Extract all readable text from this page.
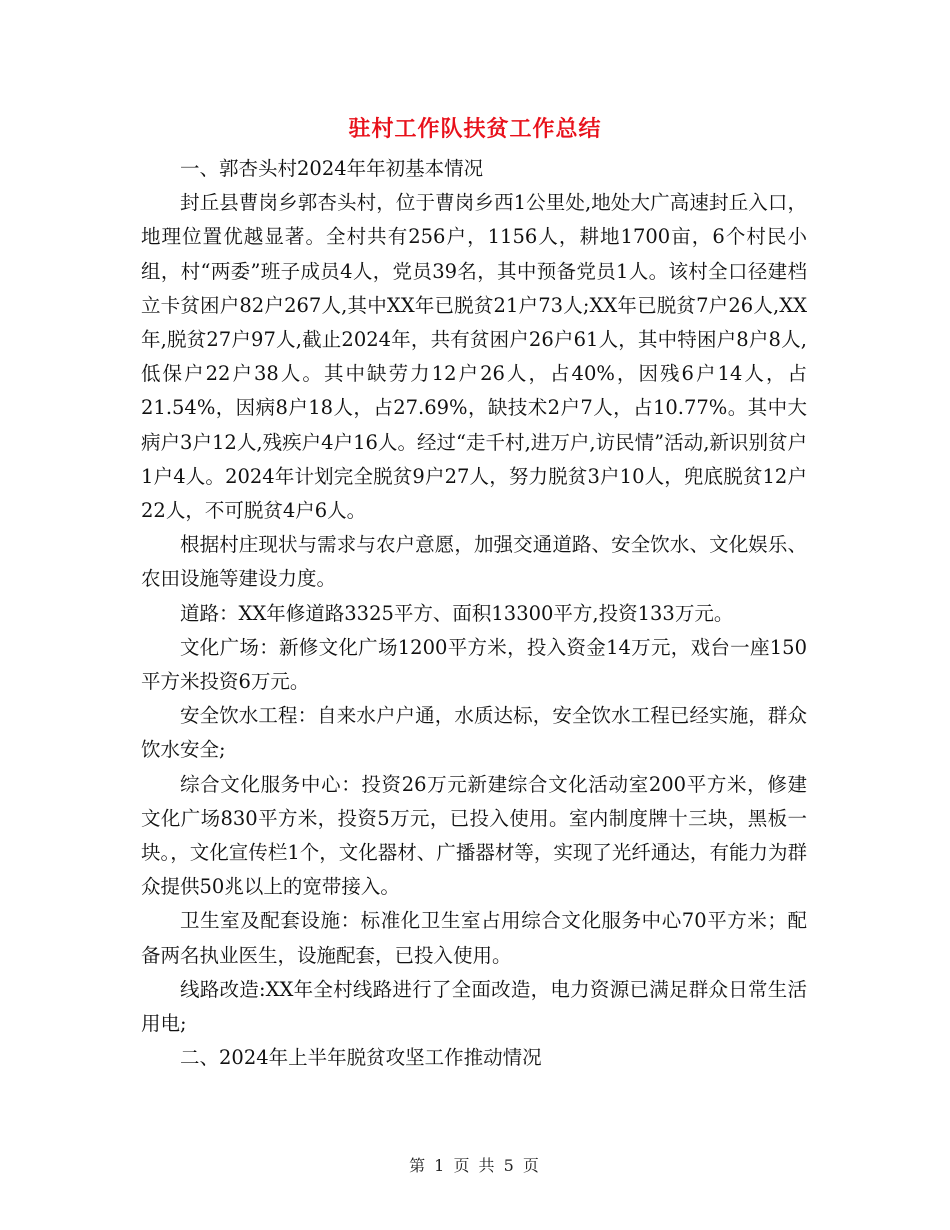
驻村工作队扶贫工作总结

一、郭杏头村2024年年初基本情况

封丘县曹岗乡郭杏头村，位于曹岗乡西1公里处,地处大广高速封丘入口，地理位置优越显著。全村共有256户，1156人，耕地1700亩，6个村民小组，村“两委”班子成员4人，党员39名，其中预备党员1人。该村全口径建档立卡贫困户82户267人,其中XX年已脱贫21户73人;XX年已脱贫7户26人,XX年,脱贫27户97人,截止2024年，共有贫困户26户61人，其中特困户8户8人,低保户22户38人。其中缺劳力12户26人，占40%，因残6户14人，占21.54%，因病8户18人，占27.69%，缺技术2户7人，占10.77%。其中大病户3户12人,残疾户4户16人。经过“走千村,进万户,访民情”活动,新识别贫户1户4人。2024年计划完全脱贫9户27人，努力脱贫3户10人，兜底脱贫12户22人，不可脱贫4户6人。

根据村庄现状与需求与农户意愿，加强交通道路、安全饮水、文化娱乐、农田设施等建设力度。

道路：XX年修道路3325平方、面积13300平方,投资133万元。

文化广场：新修文化广场1200平方米，投入资金14万元，戏台一座150平方米投资6万元。

安全饮水工程：自来水户户通，水质达标，安全饮水工程已经实施，群众饮水安全;

综合文化服务中心：投资26万元新建综合文化活动室200平方米，修建文化广场830平方米，投资5万元，已投入使用。室内制度牌十三块，黑板一块。，文化宣传栏1个，文化器材、广播器材等，实现了光纤通达，有能力为群众提供50兆以上的宽带接入。

卫生室及配套设施：标准化卫生室占用综合文化服务中心70平方米；配备两名执业医生，设施配套，已投入使用。

线路改造:XX年全村线路进行了全面改造，电力资源已满足群众日常生活用电;

二、2024年上半年脱贫攻坚工作推动情况

第 1 页 共 5 页
